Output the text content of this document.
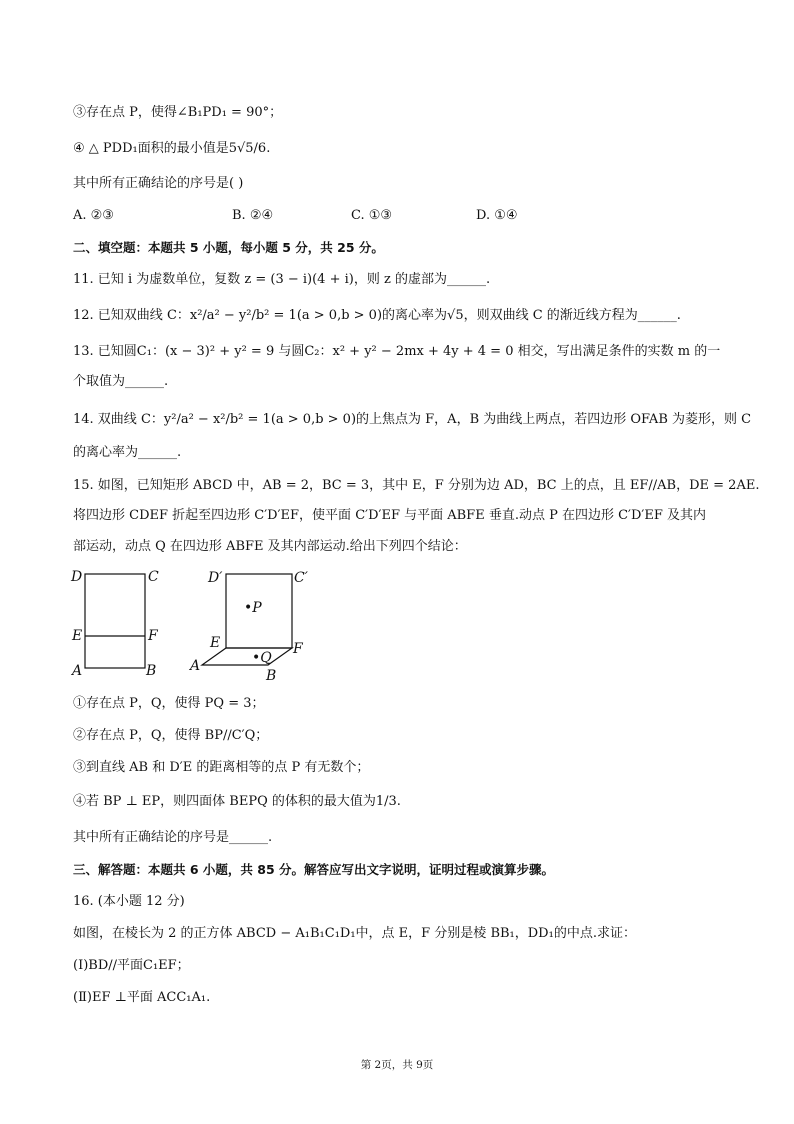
③存在点 P，使得∠B₁PD₁ = 90°；
④ △ PDD₁面积的最小值是5√5/6.
其中所有正确结论的序号是( )
A. ②③	B. ②④	C. ①③	D. ①④
二、填空题：本题共 5 小题，每小题 5 分，共 25 分。
11. 已知 i 为虚数单位，复数 z = (3 − i)(4 + i)，则 z 的虚部为______.
12. 已知双曲线 C：x²/a² − y²/b² = 1(a > 0,b > 0)的离心率为√5，则双曲线 C 的渐近线方程为______.
13. 已知圆C₁：(x − 3)² + y² = 9 与圆C₂：x² + y² − 2mx + 4y + 4 = 0 相交，写出满足条件的实数 m 的一
个取值为______.
14. 双曲线 C：y²/a² − x²/b² = 1(a > 0,b > 0)的上焦点为 F，A，B 为曲线上两点，若四边形 OFAB 为菱形，则 C
的离心率为______.
15. 如图，已知矩形 ABCD 中，AB = 2，BC = 3，其中 E，F 分别为边 AD，BC 上的点，且 EF//AB，DE = 2AE.
将四边形 CDEF 折起至四边形 C′D′EF，使平面 C′D′EF 与平面 ABFE 垂直.动点 P 在四边形 C′D′EF 及其内
部运动，动点 Q 在四边形 ABFE 及其内部运动.给出下列四个结论：
D	C
E	F
A	B
D′	C′
•P
E	F
•Q
A
B
①存在点 P，Q，使得 PQ = 3；
②存在点 P，Q，使得 BP//C′Q；
③到直线 AB 和 D′E 的距离相等的点 P 有无数个；
④若 BP ⊥ EP，则四面体 BEPQ 的体积的最大值为1/3.
其中所有正确结论的序号是______.
三、解答题：本题共 6 小题，共 85 分。解答应写出文字说明，证明过程或演算步骤。
16. (本小题 12 分)
如图，在棱长为 2 的正方体 ABCD − A₁B₁C₁D₁中，点 E，F 分别是棱 BB₁，DD₁的中点.求证：
(Ⅰ)BD//平面C₁EF；
(Ⅱ)EF ⊥平面 ACC₁A₁.
第 2页，共 9页
